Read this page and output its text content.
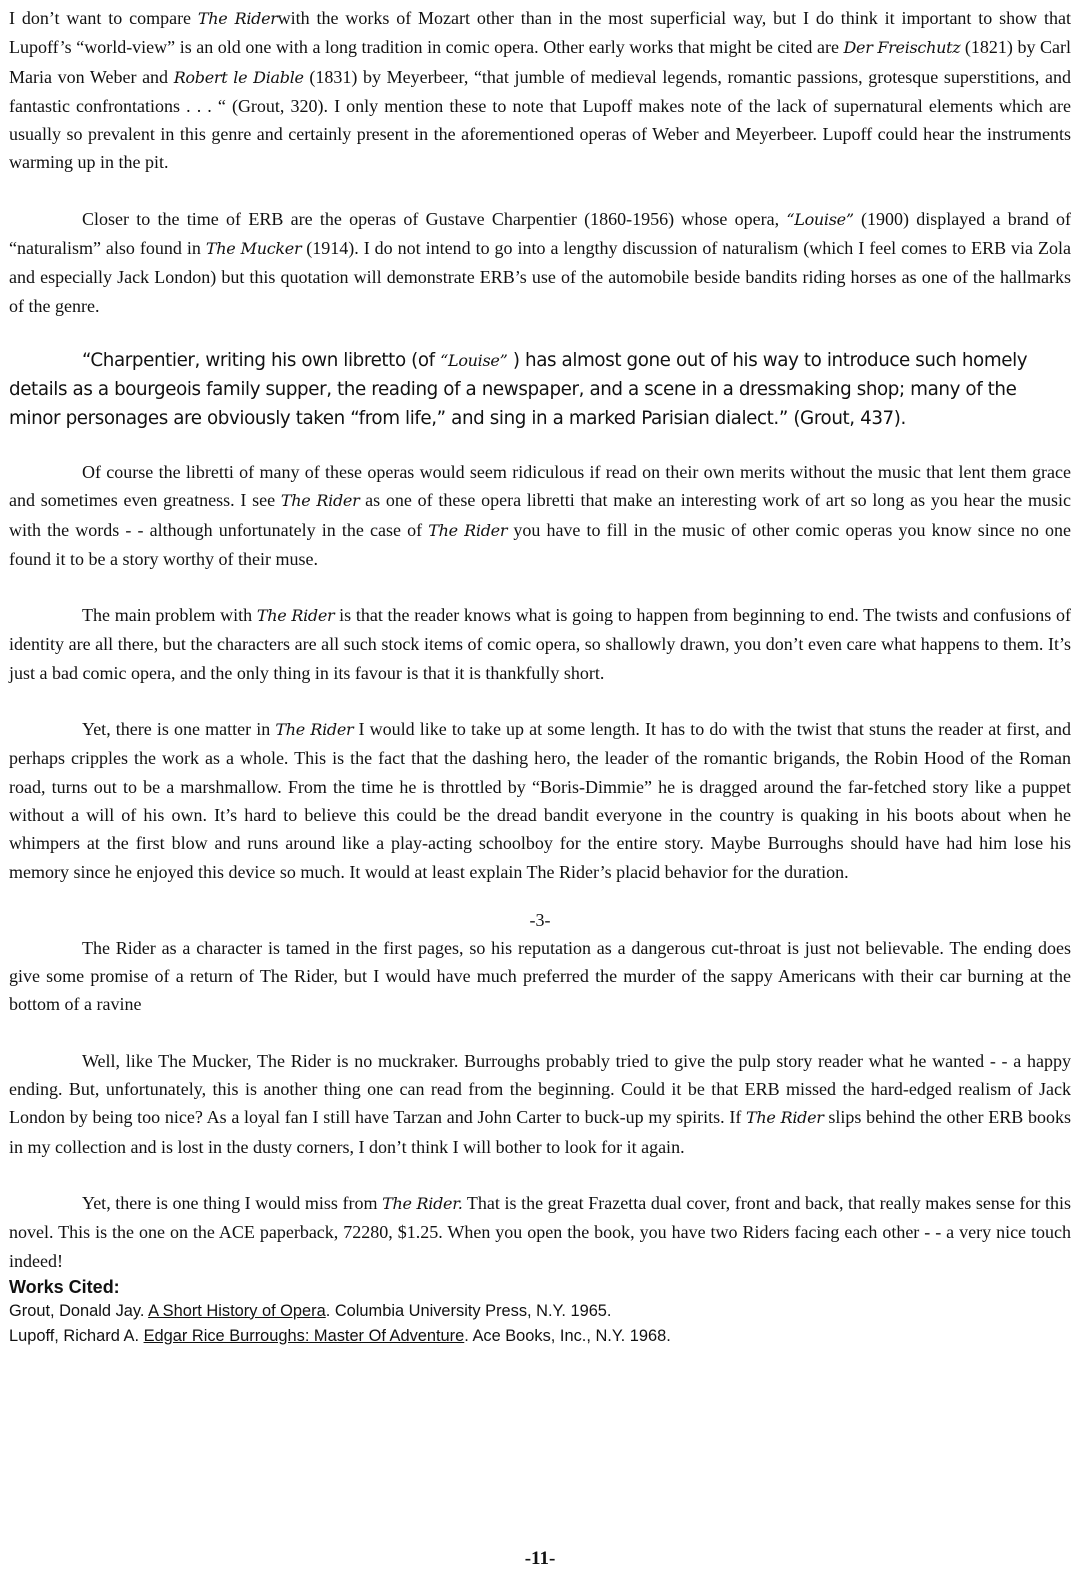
I don’t want to compare The Riderwith the works of Mozart other than in the most superficial way, but I do think it important to show that Lupoff’s “world-view” is an old one with a long tradition in comic opera. Other early works that might be cited are Der Freischutz (1821) by Carl Maria von Weber and Robert le Diable (1831) by Meyerbeer, “that jumble of medieval legends, romantic passions, grotesque superstitions, and fantastic confrontations . . . “ (Grout, 320). I only mention these to note that Lupoff makes note of the lack of supernatural elements which are usually so prevalent in this genre and certainly present in the aforementioned operas of Weber and Meyerbeer. Lupoff could hear the instruments warming up in the pit.

Closer to the time of ERB are the operas of Gustave Charpentier (1860-1956) whose opera, “Louise” (1900) displayed a brand of “naturalism” also found in The Mucker (1914). I do not intend to go into a lengthy discussion of naturalism (which I feel comes to ERB via Zola and especially Jack London) but this quotation will demonstrate ERB’s use of the automobile beside bandits riding horses as one of the hallmarks of the genre.

“Charpentier, writing his own libretto (of “Louise” ) has almost gone out of his way to introduce such homely details as a bourgeois family supper, the reading of a newspaper, and a scene in a dressmaking shop; many of the minor personages are obviously taken “from life,” and sing in a marked Parisian dialect.” (Grout, 437).

Of course the libretti of many of these operas would seem ridiculous if read on their own merits without the music that lent them grace and sometimes even greatness. I see The Rider as one of these opera libretti that make an interesting work of art so long as you hear the music with the words - - although unfortunately in the case of The Rider you have to fill in the music of other comic operas you know since no one found it to be a story worthy of their muse.

The main problem with The Rider is that the reader knows what is going to happen from beginning to end. The twists and confusions of identity are all there, but the characters are all such stock items of comic opera, so shallowly drawn, you don’t even care what happens to them. It’s just a bad comic opera, and the only thing in its favour is that it is thankfully short.

Yet, there is one matter in The Rider I would like to take up at some length. It has to do with the twist that stuns the reader at first, and perhaps cripples the work as a whole. This is the fact that the dashing hero, the leader of the romantic brigands, the Robin Hood of the Roman road, turns out to be a marshmallow. From the time he is throttled by “Boris-Dimmie” he is dragged around the far-fetched story like a puppet without a will of his own. It’s hard to believe this could be the dread bandit everyone in the country is quaking in his boots about when he whimpers at the first blow and runs around like a play-acting schoolboy for the entire story. Maybe Burroughs should have had him lose his memory since he enjoyed this device so much. It would at least explain The Rider’s placid behavior for the duration.

-3-

The Rider as a character is tamed in the first pages, so his reputation as a dangerous cut-throat is just not believable. The ending does give some promise of a return of The Rider, but I would have much preferred the murder of the sappy Americans with their car burning at the bottom of a ravine

Well, like The Mucker, The Rider is no muckraker. Burroughs probably tried to give the pulp story reader what he wanted - - a happy ending. But, unfortunately, this is another thing one can read from the beginning. Could it be that ERB missed the hard-edged realism of Jack London by being too nice? As a loyal fan I still have Tarzan and John Carter to buck-up my spirits. If The Rider slips behind the other ERB books in my collection and is lost in the dusty corners, I don’t think I will bother to look for it again.

Yet, there is one thing I would miss from The Rider. That is the great Frazetta dual cover, front and back, that really makes sense for this novel. This is the one on the ACE paperback, 72280, $1.25. When you open the book, you have two Riders facing each other - - a very nice touch indeed!

Works Cited:

Grout, Donald Jay. A Short History of Opera. Columbia University Press, N.Y. 1965.

Lupoff, Richard A. Edgar Rice Burroughs: Master Of Adventure. Ace Books, Inc., N.Y. 1968.

-11-
